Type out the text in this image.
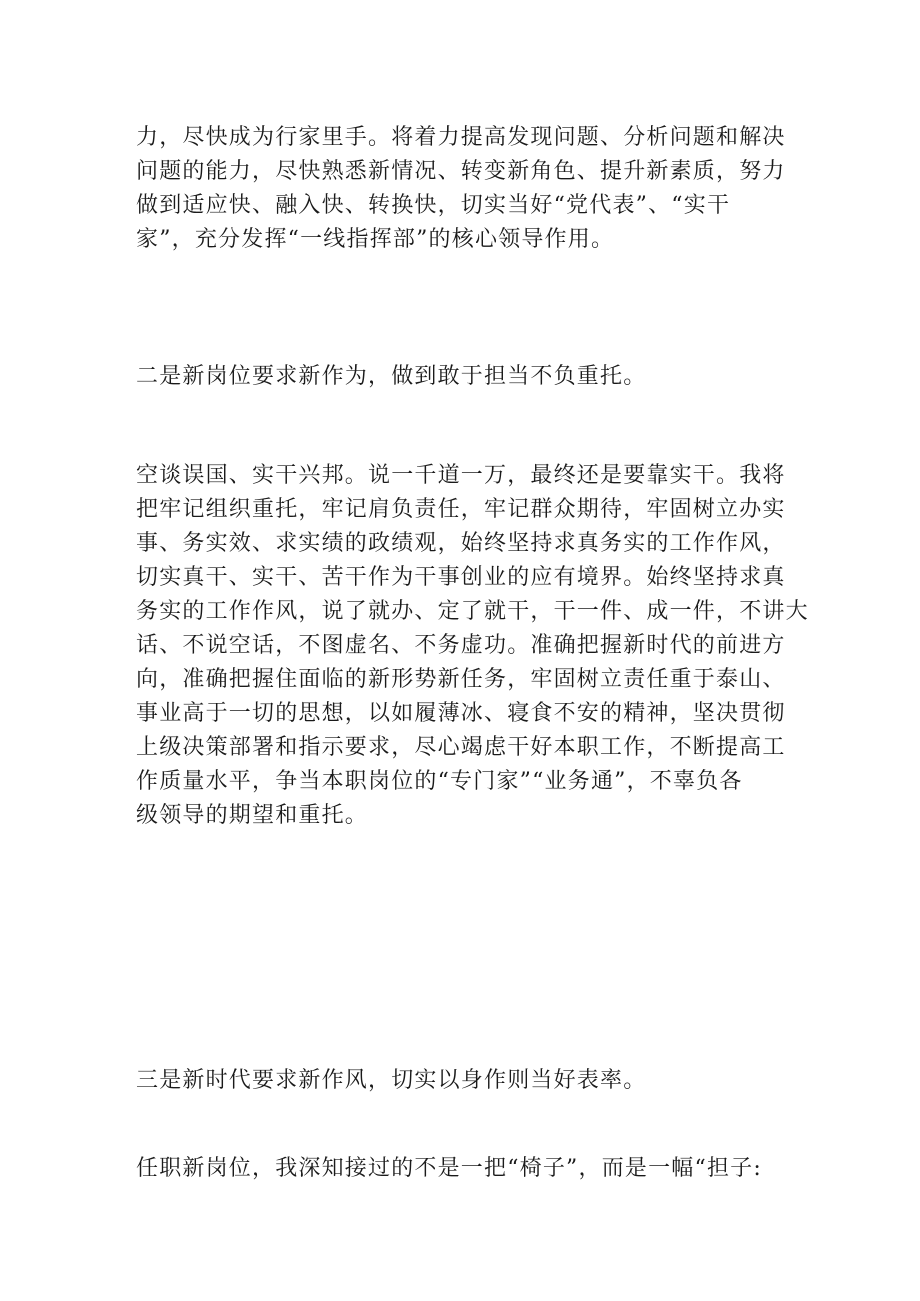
力，尽快成为行家里手。将着力提高发现问题、分析问题和解决
问题的能力，尽快熟悉新情况、转变新角色、提升新素质，努力
做到适应快、融入快、转换快，切实当好“党代表”、“实干
家”，充分发挥“一线指挥部”的核心领导作用。
二是新岗位要求新作为，做到敢于担当不负重托。
空谈误国、实干兴邦。说一千道一万，最终还是要靠实干。我将
把牢记组织重托，牢记肩负责任，牢记群众期待，牢固树立办实
事、务实效、求实绩的政绩观，始终坚持求真务实的工作作风，
切实真干、实干、苦干作为干事创业的应有境界。始终坚持求真
务实的工作作风，说了就办、定了就干，干一件、成一件，不讲大
话、不说空话，不图虚名、不务虚功。准确把握新时代的前进方
向，准确把握住面临的新形势新任务，牢固树立责任重于泰山、
事业高于一切的思想，以如履薄冰、寝食不安的精神，坚决贯彻
上级决策部署和指示要求，尽心竭虑干好本职工作，不断提高工
作质量水平，争当本职岗位的“专门家”“业务通”，不辜负各
级领导的期望和重托。
三是新时代要求新作风，切实以身作则当好表率。
任职新岗位，我深知接过的不是一把“椅子”，而是一幅“担子:
